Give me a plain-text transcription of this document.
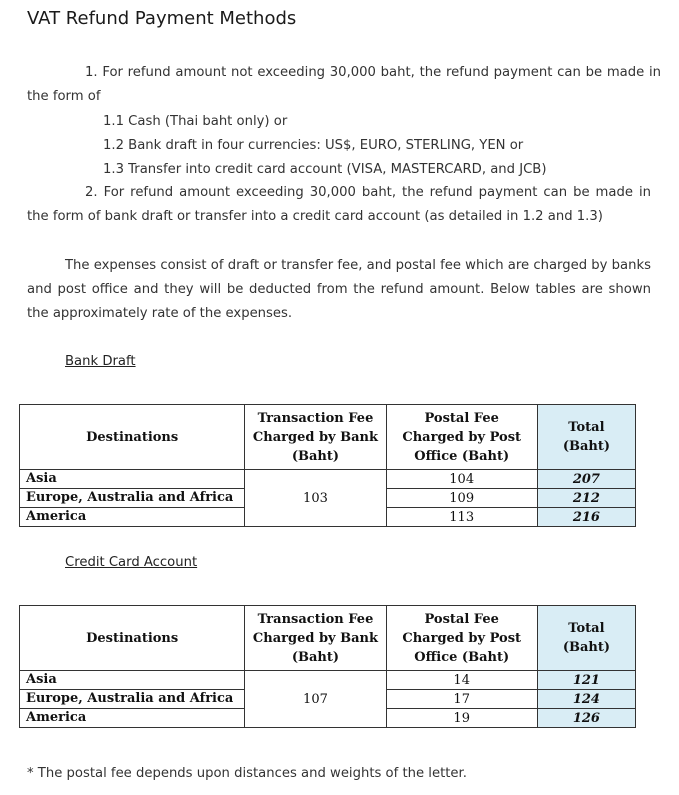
VAT Refund Payment Methods
1. For refund amount not exceeding 30,000 baht, the refund payment can be made in the form of
1.1 Cash (Thai baht only) or
1.2 Bank draft in four currencies: US$, EURO, STERLING, YEN or
1.3 Transfer into credit card account (VISA, MASTERCARD, and JCB)
2. For refund amount exceeding 30,000 baht, the refund payment can be made in the form of bank draft or transfer into a credit card account (as detailed in 1.2 and 1.3)
The expenses consist of draft or transfer fee, and postal fee which are charged by banks and post office and they will be deducted from the refund amount. Below tables are shown the approximately rate of the expenses.
Bank Draft
Destinations	Transaction Fee Charged by Bank (Baht)	Postal Fee Charged by Post Office (Baht)	Total (Baht)
Asia	103	104	207
Europe, Australia and Africa		109	212
America		113	216
Credit Card Account
Destinations	Transaction Fee Charged by Bank (Baht)	Postal Fee Charged by Post Office (Baht)	Total (Baht)
Asia	107	14	121
Europe, Australia and Africa		17	124
America		19	126
* The postal fee depends upon distances and weights of the letter.
